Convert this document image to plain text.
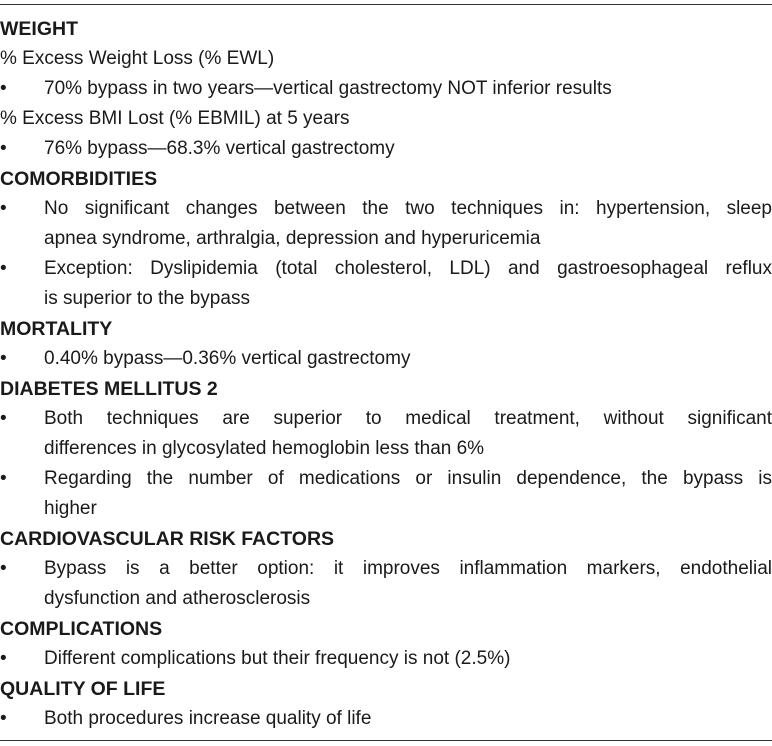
WEIGHT
% Excess Weight Loss (% EWL)
• 70% bypass in two years—vertical gastrectomy NOT inferior results
% Excess BMI Lost (% EBMIL) at 5 years
• 76% bypass—68.3% vertical gastrectomy
COMORBIDITIES
• No significant changes between the two techniques in: hypertension, sleep
apnea syndrome, arthralgia, depression and hyperuricemia
• Exception: Dyslipidemia (total cholesterol, LDL) and gastroesophageal reflux
is superior to the bypass
MORTALITY
• 0.40% bypass—0.36% vertical gastrectomy
DIABETES MELLITUS 2
• Both techniques are superior to medical treatment, without significant
differences in glycosylated hemoglobin less than 6%
• Regarding the number of medications or insulin dependence, the bypass is
higher
CARDIOVASCULAR RISK FACTORS
• Bypass is a better option: it improves inflammation markers, endothelial
dysfunction and atherosclerosis
COMPLICATIONS
• Different complications but their frequency is not (2.5%)
QUALITY OF LIFE
• Both procedures increase quality of life
